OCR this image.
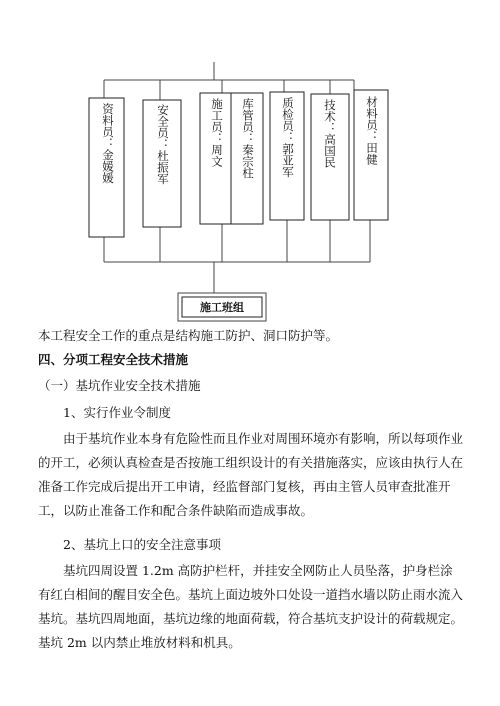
资料员：金媛媛	安全员：杜振军	施工员：周文 库管员：秦宗柱 质检员：郭亚军 技术：高国民 材料员：田健
施工班组

本工程安全工作的重点是结构施工防护、洞口防护等。

四、分项工程安全技术措施

（一）基坑作业安全技术措施

1、实行作业令制度

由于基坑作业本身有危险性而且作业对周围环境亦有影响，所以每项作业的开工，必须认真检查是否按施工组织设计的有关措施落实，应该由执行人在准备工作完成后提出开工申请，经监督部门复核，再由主管人员审查批准开工，以防止准备工作和配合条件缺陷而造成事故。

2、基坑上口的安全注意事项

基坑四周设置 1.2m 高防护栏杆，并挂安全网防止人员坠落，护身栏涂有红白相间的醒目安全色。基坑上面边坡外口处设一道挡水墙以防止雨水流入基坑。基坑四周地面，基坑边缘的地面荷载，符合基坑支护设计的荷载规定。基坑 2m 以内禁止堆放材料和机具。
